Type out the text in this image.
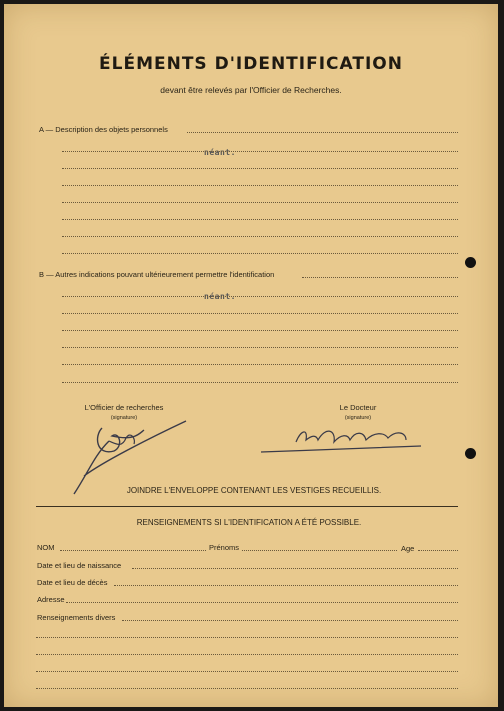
ÉLÉMENTS D'IDENTIFICATION
devant être relevés par l'Officier de Recherches.
A — Description des objets personnels
néant.
B — Autres indications pouvant ultérieurement permettre l'identification
néant.
L'Officier de recherches
(signature)
Le Docteur
(signature)
JOINDRE L'ENVELOPPE CONTENANT LES VESTIGES RECUEILLIS.
RENSEIGNEMENTS SI L'IDENTIFICATION A ÉTÉ POSSIBLE.
NOM	Prénoms	Age
Date et lieu de naissance
Date et lieu de décès
Adresse
Renseignements divers
